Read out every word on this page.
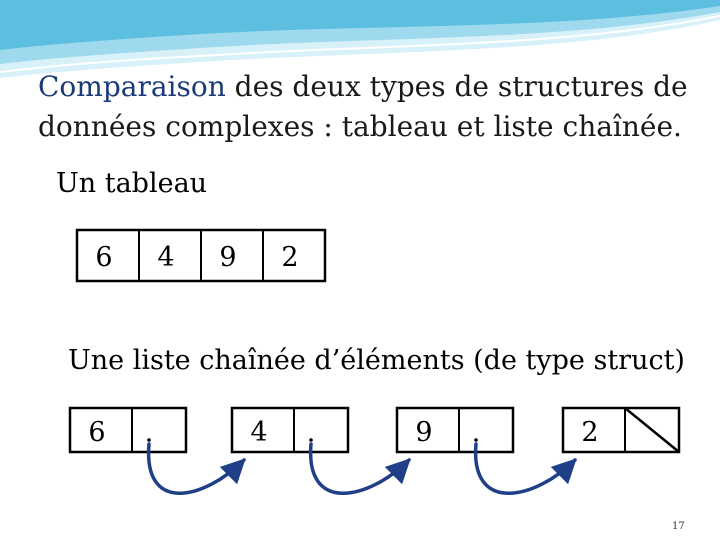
Comparaison des deux types de structures de
données complexes : tableau et liste chaînée.
Un tableau
Une liste chaînée d’éléments (de type struct)
6 4 9 2
6	4	9	2
17
